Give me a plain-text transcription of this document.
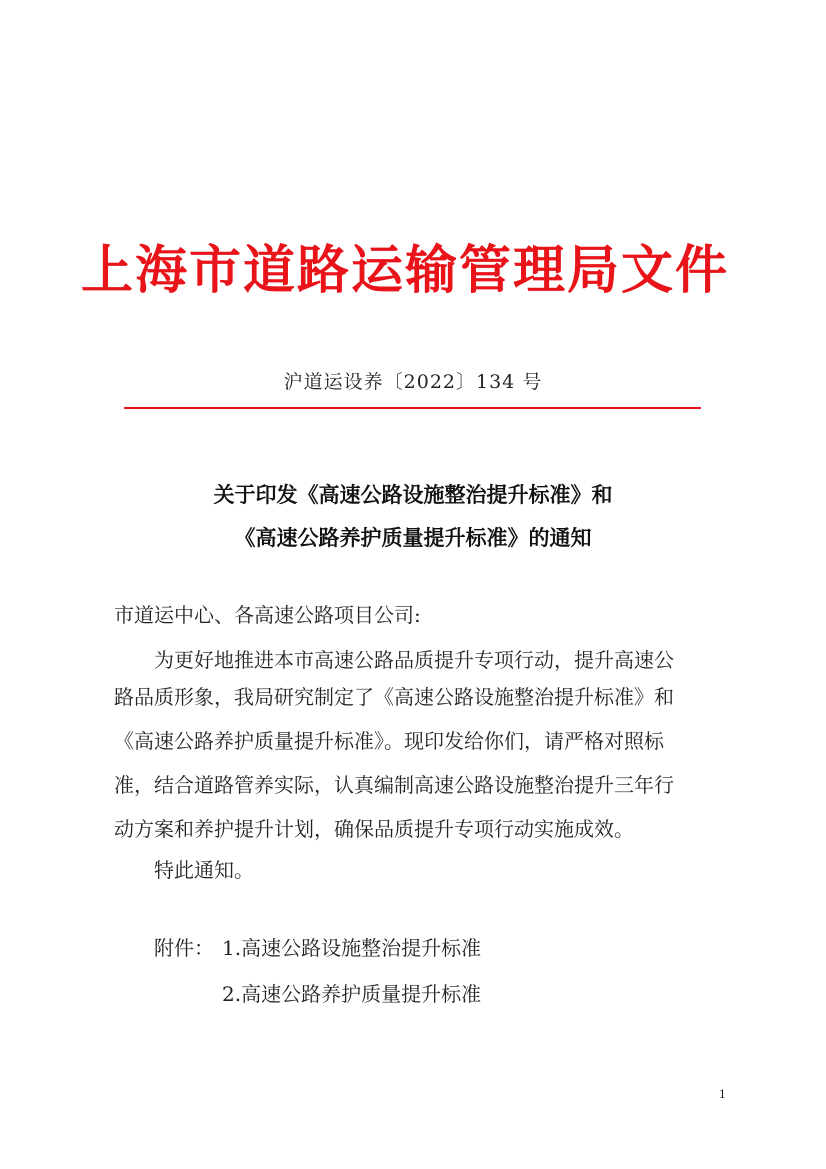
上海市道路运输管理局文件
沪道运设养〔2022〕134 号
关于印发《高速公路设施整治提升标准》和
《高速公路养护质量提升标准》的通知
市道运中心、各高速公路项目公司:
为更好地推进本市高速公路品质提升专项行动，提升高速公
路品质形象，我局研究制定了《高速公路设施整治提升标准》和
《高速公路养护质量提升标准》。现印发给你们，请严格对照标
准，结合道路管养实际，认真编制高速公路设施整治提升三年行
动方案和养护提升计划，确保品质提升专项行动实施成效。
特此通知。
附件： 1.高速公路设施整治提升标准
2.高速公路养护质量提升标准
1
